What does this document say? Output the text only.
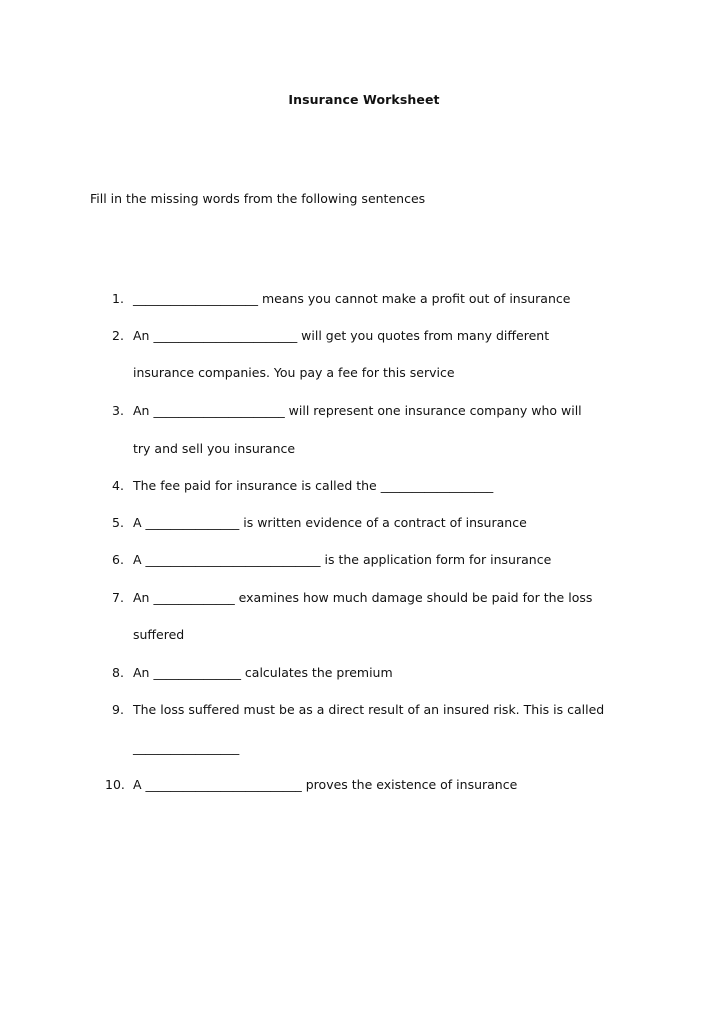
Insurance Worksheet
Fill in the missing words from the following sentences
1. ____________________ means you cannot make a profit out of insurance
2. An _______________________ will get you quotes from many different
insurance companies. You pay a fee for this service
3. An _____________________ will represent one insurance company who will
try and sell you insurance
4. The fee paid for insurance is called the __________________
5. A _______________ is written evidence of a contract of insurance
6. A ____________________________ is the application form for insurance
7. An _____________ examines how much damage should be paid for the loss
suffered
8. An ______________ calculates the premium
9. The loss suffered must be as a direct result of an insured risk. This is called
_________________
10. A _________________________ proves the existence of insurance
